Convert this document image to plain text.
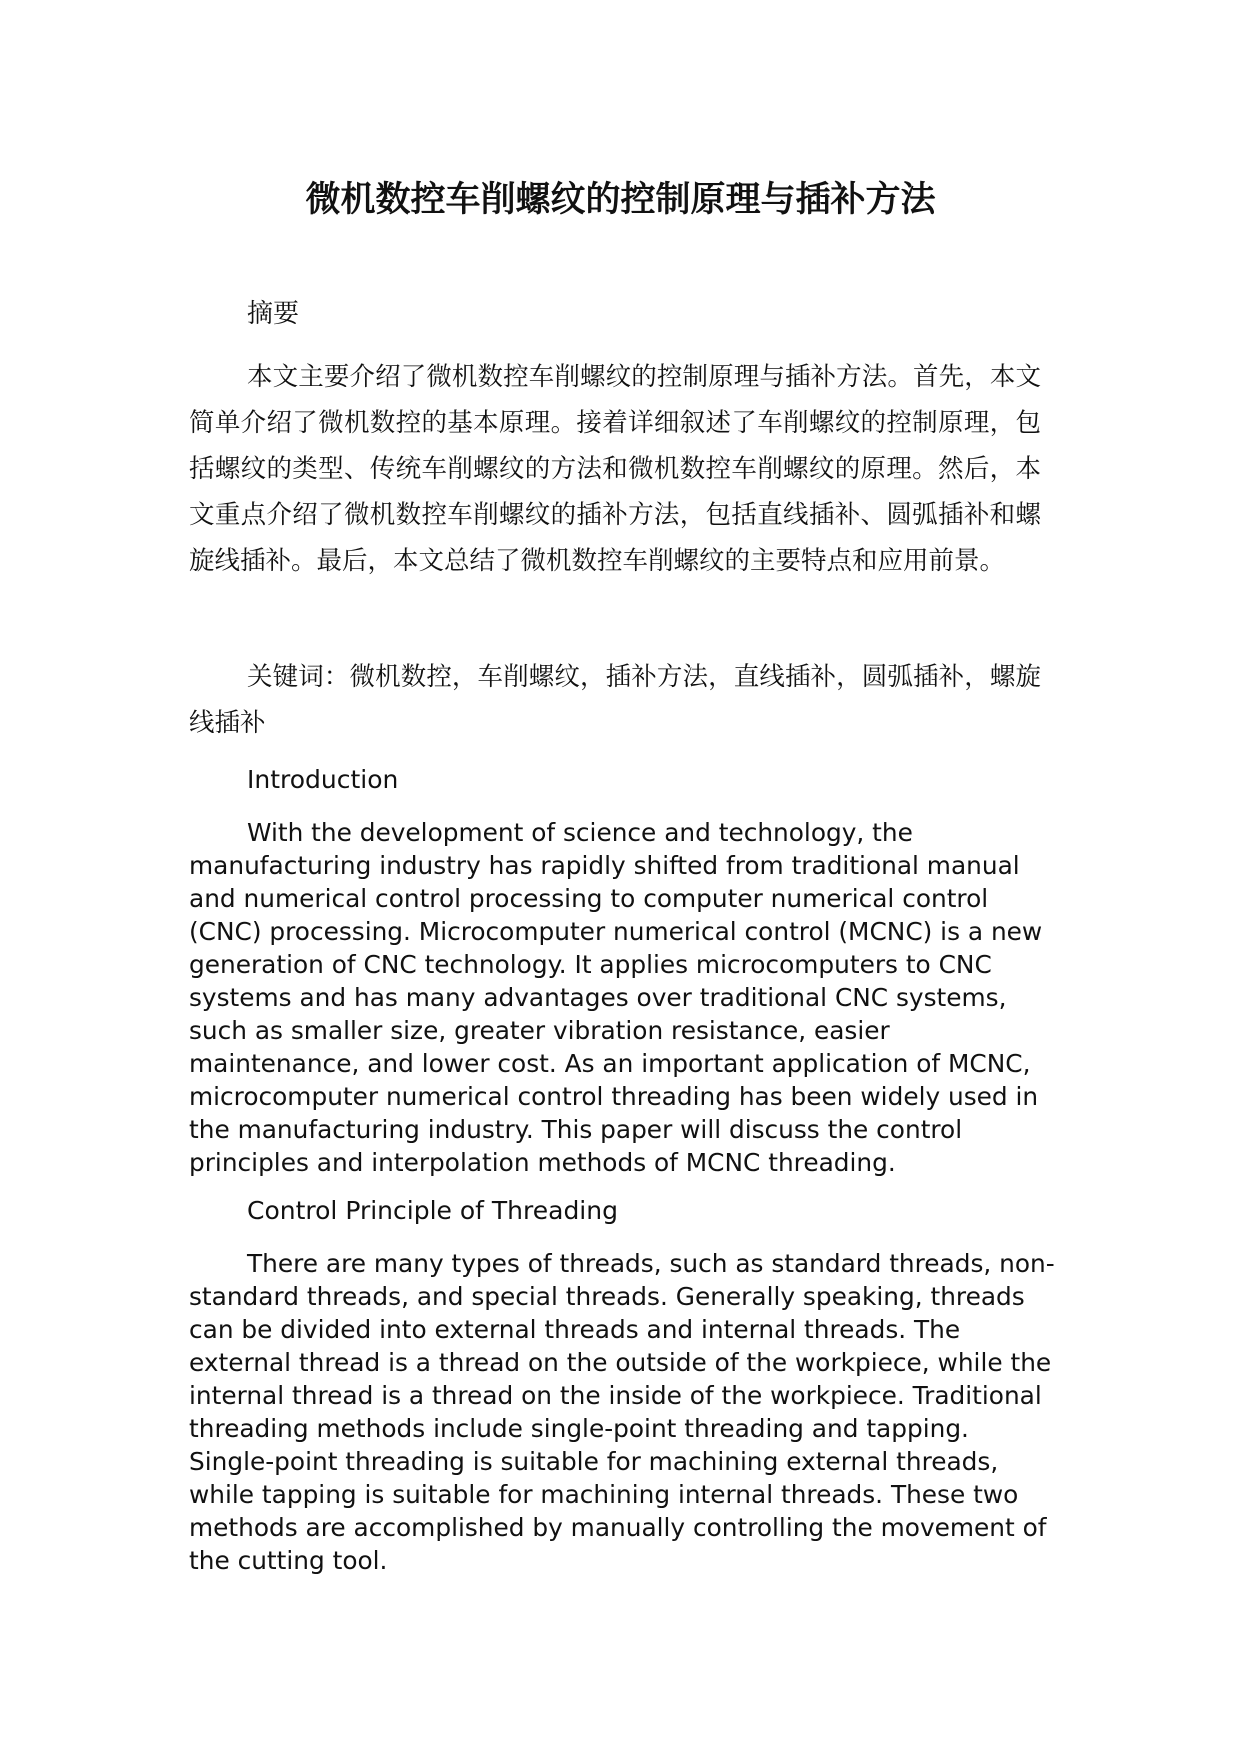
微机数控车削螺纹的控制原理与插补方法
摘要

本文主要介绍了微机数控车削螺纹的控制原理与插补方法。首先，本文简单介绍了微机数控的基本原理。接着详细叙述了车削螺纹的控制原理，包括螺纹的类型、传统车削螺纹的方法和微机数控车削螺纹的原理。然后，本文重点介绍了微机数控车削螺纹的插补方法，包括直线插补、圆弧插补和螺旋线插补。最后，本文总结了微机数控车削螺纹的主要特点和应用前景。

关键词：微机数控，车削螺纹，插补方法，直线插补，圆弧插补，螺旋线插补

Introduction

With the development of science and technology, the manufacturing industry has rapidly shifted from traditional manual and numerical control processing to computer numerical control (CNC) processing. Microcomputer numerical control (MCNC) is a new generation of CNC technology. It applies microcomputers to CNC systems and has many advantages over traditional CNC systems, such as smaller size, greater vibration resistance, easier maintenance, and lower cost. As an important application of MCNC, microcomputer numerical control threading has been widely used in the manufacturing industry. This paper will discuss the control principles and interpolation methods of MCNC threading.

Control Principle of Threading

There are many types of threads, such as standard threads, non-standard threads, and special threads. Generally speaking, threads can be divided into external threads and internal threads. The external thread is a thread on the outside of the workpiece, while the internal thread is a thread on the inside of the workpiece. Traditional threading methods include single-point threading and tapping. Single-point threading is suitable for machining external threads, while tapping is suitable for machining internal threads. These two methods are accomplished by manually controlling the movement of the cutting tool.
